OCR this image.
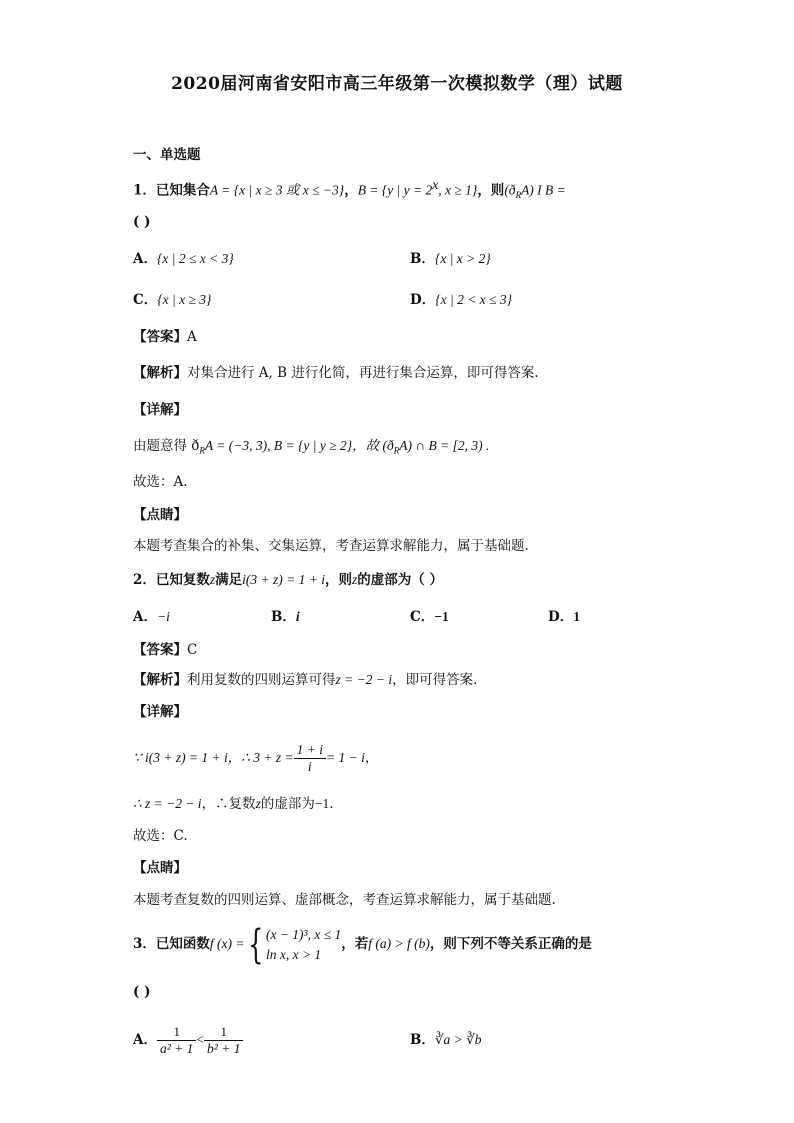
2020届河南省安阳市高三年级第一次模拟数学（理）试题
一、单选题
1．已知集合A = {x | x ≥ 3 或 x ≤ −3}，B = {y | $y = 2^x$, x ≥ 1}，则$(ð_RA)$ I B =
( )
A．{x | 2 ≤ x < 3}	B．{x | x > 2}
C．{x | x ≥ 3}	D．{x | 2 < x ≤ 3}
【答案】A
【解析】对集合进行 A, B 进行化简，再进行集合运算，即可得答案.
【详解】
由题意得 $ð_RA = (-3$, 3), B = {y | y ≥ 2}，故 $(ð_RA)$ ∩ B = [2, 3) .
故选：A.
【点睛】
本题考查集合的补集、交集运算，考查运算求解能力，属于基础题.
2．已知复数z满足i(3 + z) = 1 + i，则z的虚部为（ ）
A．−i	B．i	C．−1	D．1
【答案】C
【解析】利用复数的四则运算可得z = −2 − i，即可得答案.
【详解】
∵ i(3 + z) = 1 + i，∴ $3 + z = \frac{1 + i}{i} = 1 - i$，
∴ z = −2 − i，∴复数z的虚部为−1.
故选：C.
【点睛】
本题考查复数的四则运算、虚部概念，考查运算求解能力，属于基础题.
3．已知函数f (x) ={ (x − 1)³, x ≤ 1
ln x, x > 1
，若f (a) > f (b)，则下列不等关系正确的是
( )
A． $\frac{1}{\text{a² + 1}} < \frac{1}{\text{b² + 1}}$	B．∛a > ∛b
